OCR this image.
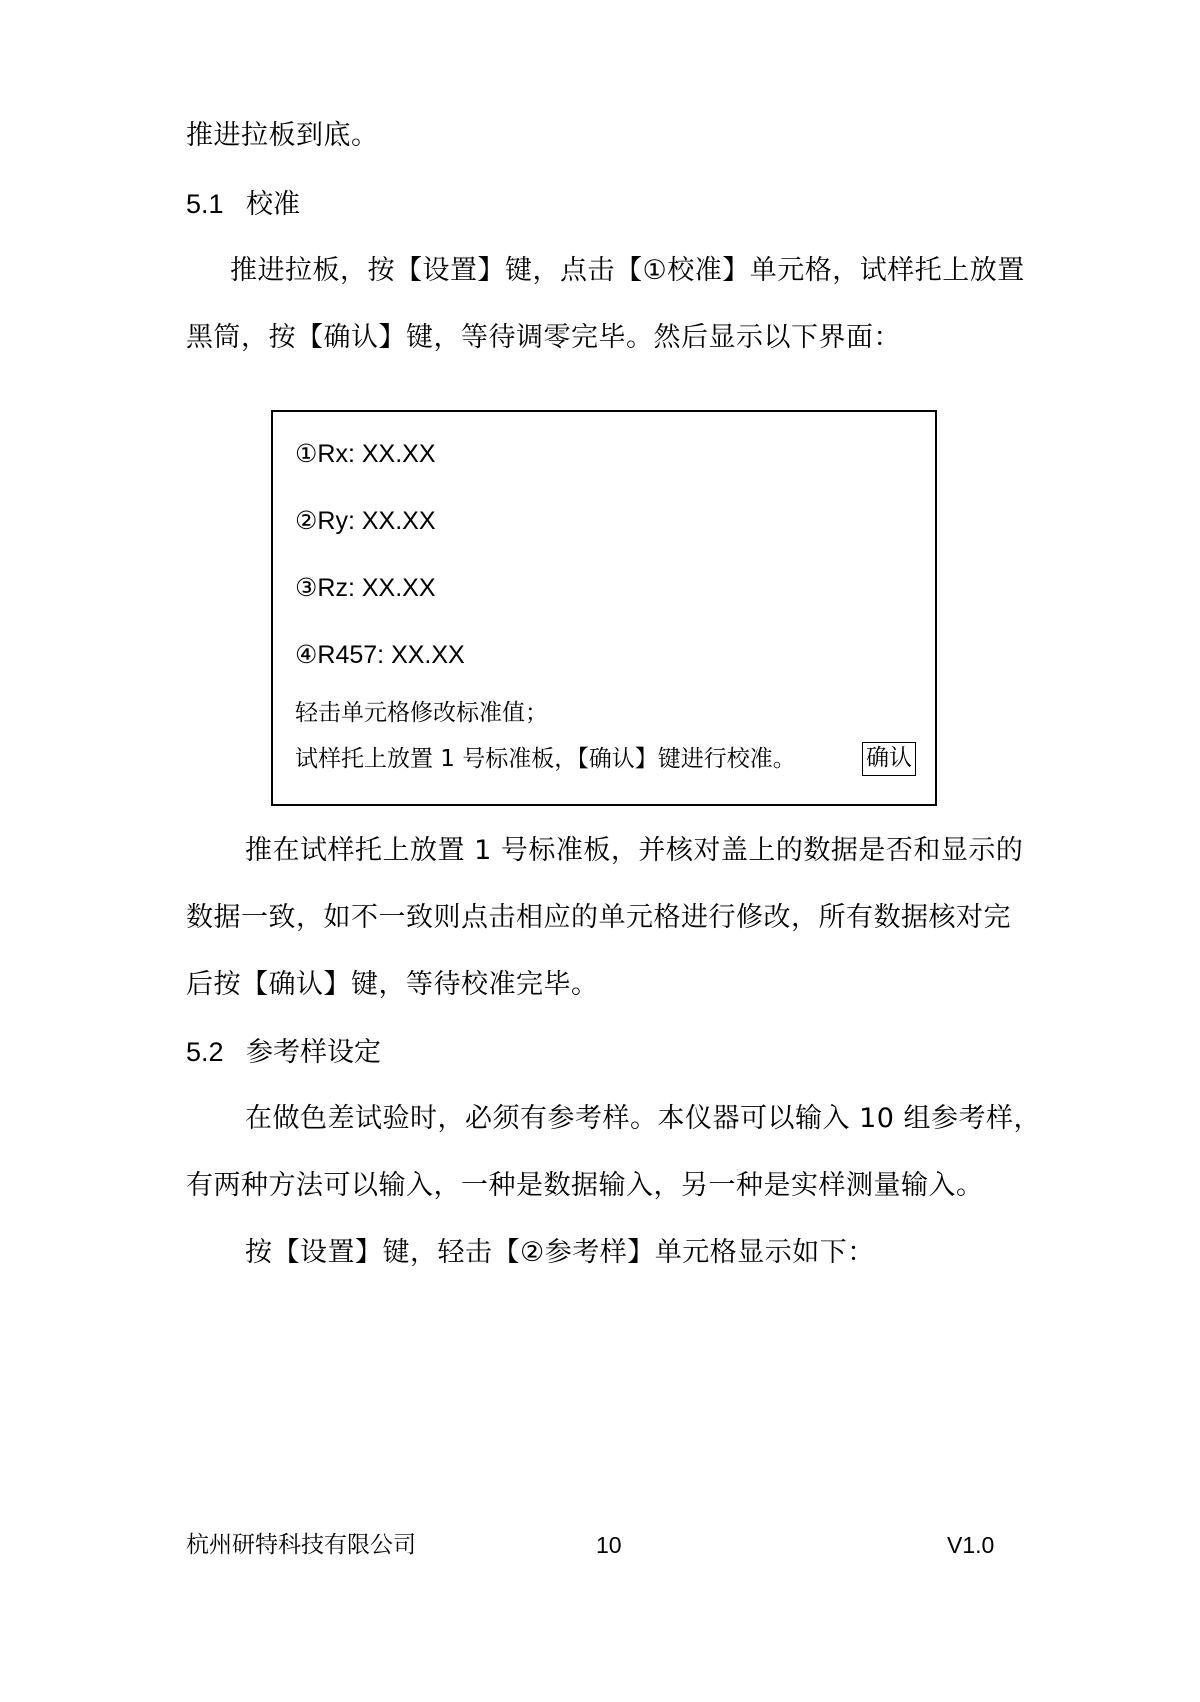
推进拉板到底。
5.1 校准
推进拉板，按【设置】键，点击【①校准】单元格，试样托上放置
黑筒，按【确认】键，等待调零完毕。然后显示以下界面：
①Rx: XX.XX
②Ry: XX.XX
③Rz: XX.XX
④R457: XX.XX
轻击单元格修改标准值；
试样托上放置 1 号标准板，【确认】键进行校准。	确认
推在试样托上放置 1 号标准板，并核对盖上的数据是否和显示的
数据一致，如不一致则点击相应的单元格进行修改，所有数据核对完
后按【确认】键，等待校准完毕。
5.2 参考样设定
在做色差试验时，必须有参考样。本仪器可以输入 10 组参考样，
有两种方法可以输入，一种是数据输入，另一种是实样测量输入。
按【设置】键，轻击【②参考样】单元格显示如下：
杭州研特科技有限公司	10	V1.0
